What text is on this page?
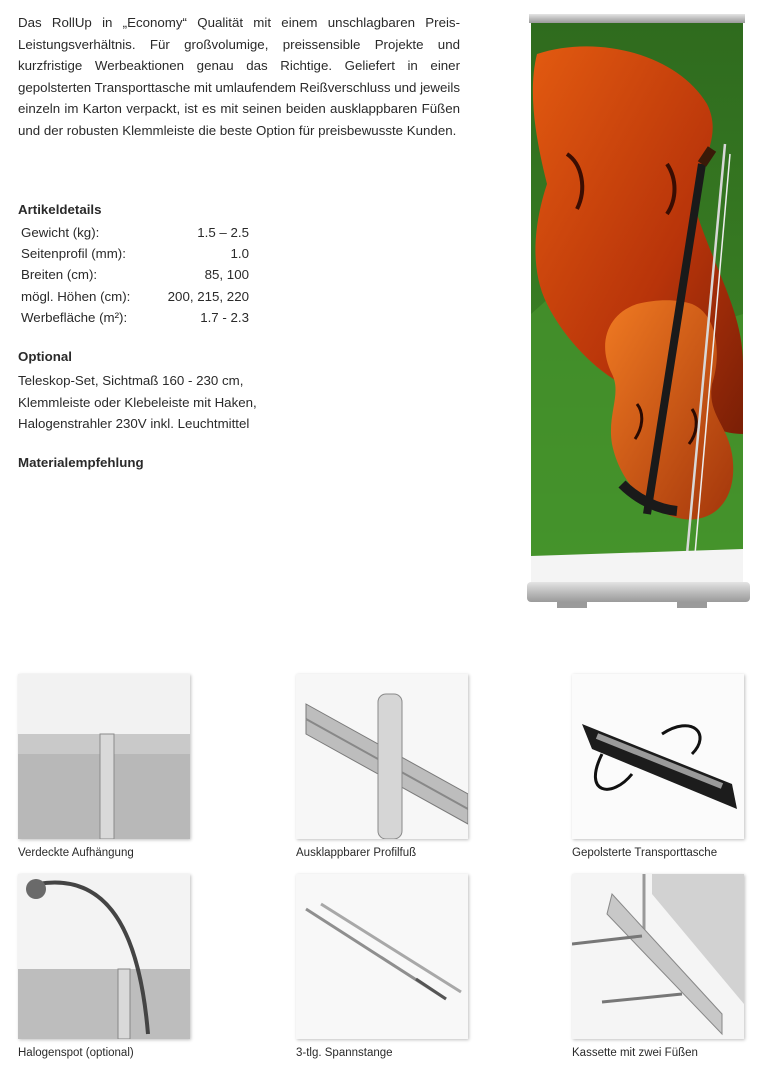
Das RollUp in „Economy“ Qualität mit einem unschlagbaren Preis-Leistungsverhältnis. Für großvolumige, preissensible Projekte und kurzfristige Werbeaktionen genau das Richtige. Geliefert in einer gepolsterten Transporttasche mit umlaufendem Reißverschluss und jeweils einzeln im Karton verpackt, ist es mit seinen beiden ausklappbaren Füßen und der robusten Klemmleiste die beste Option für preisbewusste Kunden.

Artikeldetails

Gewicht (kg):	1.5 – 2.5
Seitenprofil (mm):	1.0
Breiten (cm):	85, 100
mögl. Höhen (cm):	200, 215, 220
Werbefläche (m²):	1.7 - 2.3

Optional

Teleskop-Set, Sichtmaß 160 - 230 cm,
Klemmleiste oder Klebeleiste mit Haken,
Halogenstrahler 230V inkl. Leuchtmittel

Materialempfehlung

Verdeckte Aufhängung	Ausklappbarer Profilfuß	Gepolsterte Transporttasche
Halogenspot (optional)	3-tlg. Spannstange	Kassette mit zwei Füßen
